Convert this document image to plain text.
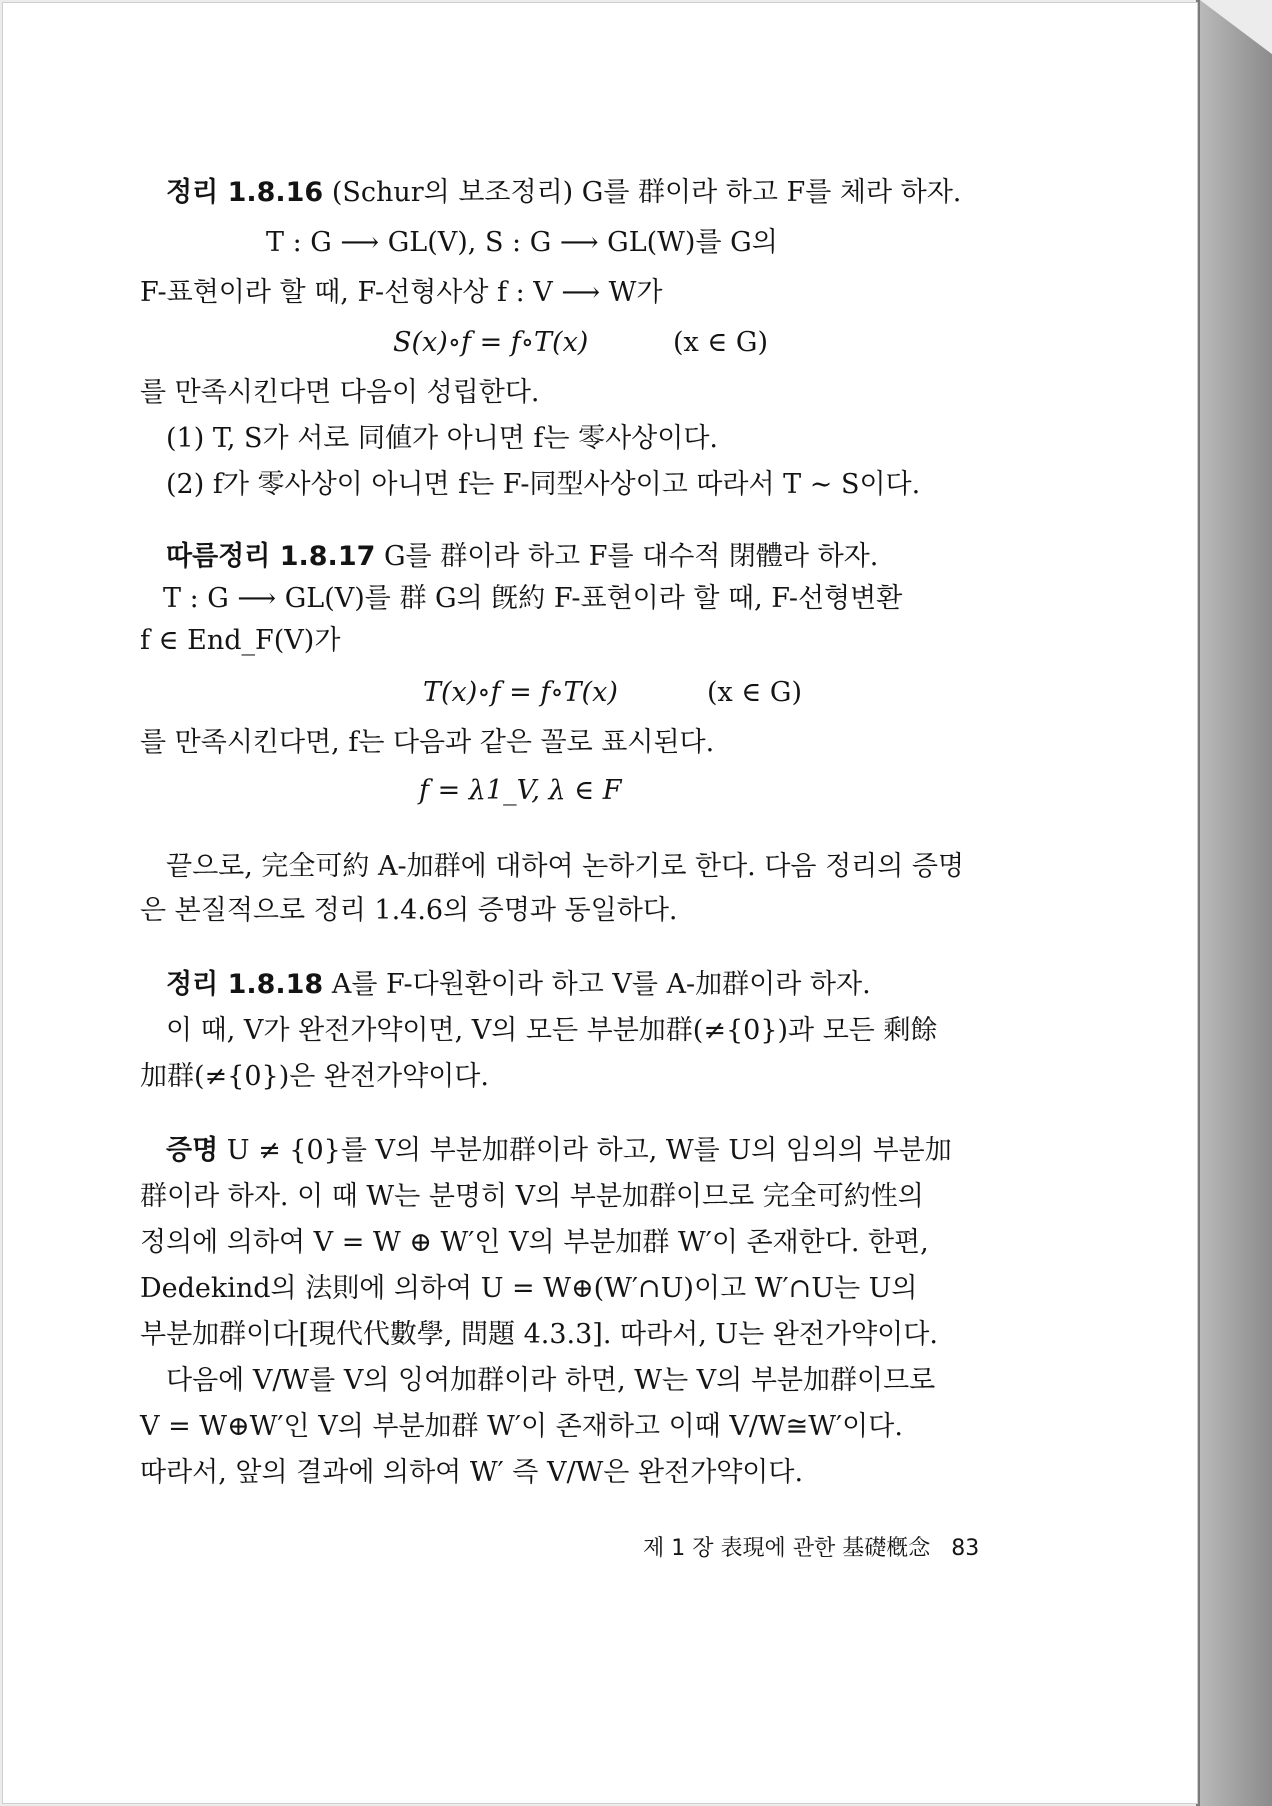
정리 1.8.16 (Schur의 보조정리) G를 群이라 하고 F를 체라 하자.
T : G ⟶ GL(V), S : G ⟶ GL(W)를 G의
F-표현이라 할 때, F-선형사상 f : V ⟶ W가
S(x)∘f = f∘T(x)	(x ∈ G)
를 만족시킨다면 다음이 성립한다.
(1) T, S가 서로 同値가 아니면 f는 零사상이다.
(2) f가 零사상이 아니면 f는 F-同型사상이고 따라서 T ∼ S이다.
따름정리 1.8.17 G를 群이라 하고 F를 대수적 閉體라 하자.
T : G ⟶ GL(V)를 群 G의 旣約 F-표현이라 할 때, F-선형변환
f ∈ End_F(V)가
T(x)∘f = f∘T(x)	(x ∈ G)
를 만족시킨다면, f는 다음과 같은 꼴로 표시된다.
f = λ1_V, λ ∈ F
끝으로, 完全可約 A-加群에 대하여 논하기로 한다. 다음 정리의 증명
은 본질적으로 정리 1.4.6의 증명과 동일하다.
정리 1.8.18 A를 F-다원환이라 하고 V를 A-加群이라 하자.
이 때, V가 완전가약이면, V의 모든 부분加群(≠{0})과 모든 剩餘
加群(≠{0})은 완전가약이다.
증명 U ≠ {0}를 V의 부분加群이라 하고, W를 U의 임의의 부분加
群이라 하자. 이 때 W는 분명히 V의 부분加群이므로 完全可約性의
정의에 의하여 V = W ⊕ W′인 V의 부분加群 W′이 존재한다. 한편,
Dedekind의 法則에 의하여 U = W⊕(W′∩U)이고 W′∩U는 U의
부분加群이다[現代代數學, 問題 4.3.3]. 따라서, U는 완전가약이다.
다음에 V/W를 V의 잉여加群이라 하면, W는 V의 부분加群이므로
V = W⊕W′인 V의 부분加群 W′이 존재하고 이때 V/W≅W′이다.
따라서, 앞의 결과에 의하여 W′ 즉 V/W은 완전가약이다.
제 1 장 表現에 관한 基礎槪念 83
